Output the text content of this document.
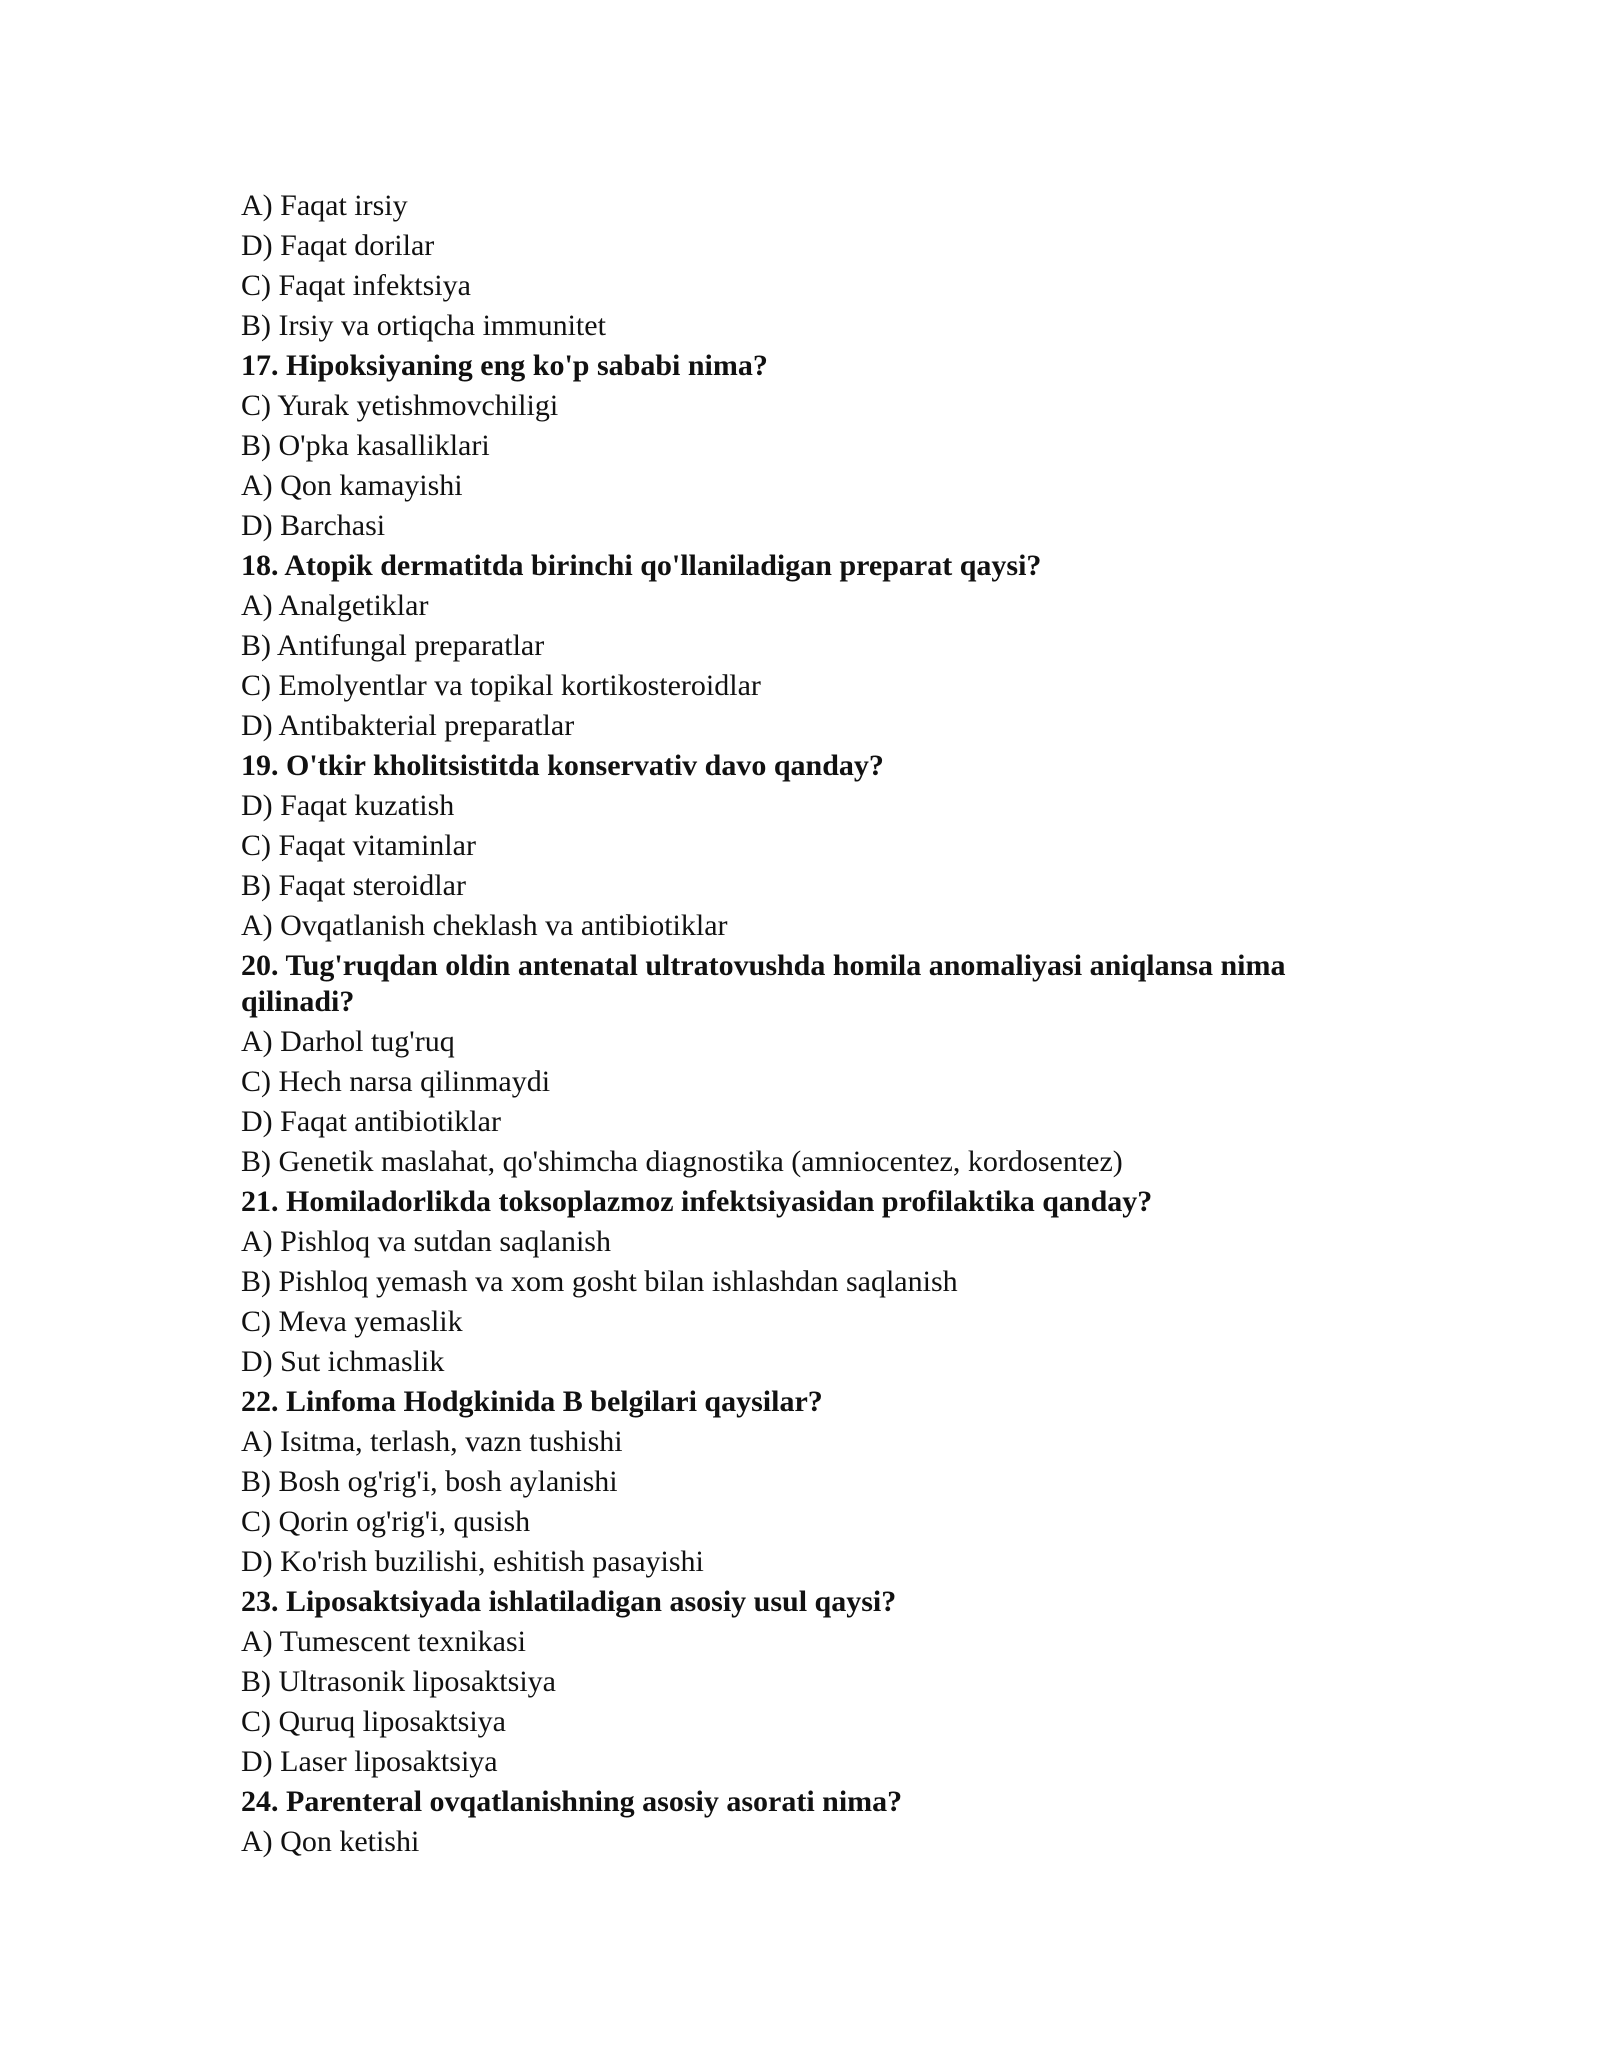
A) Faqat irsiy

D) Faqat dorilar

C) Faqat infektsiya

B) Irsiy va ortiqcha immunitet

17. Hipoksiyaning eng ko'p sababi nima?

C) Yurak yetishmovchiligi

B) O'pka kasalliklari

A) Qon kamayishi

D) Barchasi

18. Atopik dermatitda birinchi qo'llaniladigan preparat qaysi?

A) Analgetiklar

B) Antifungal preparatlar

C) Emolyentlar va topikal kortikosteroidlar

D) Antibakterial preparatlar

19. O'tkir kholitsistitda konservativ davo qanday?

D) Faqat kuzatish

C) Faqat vitaminlar

B) Faqat steroidlar

A) Ovqatlanish cheklash va antibiotiklar

20. Tug'ruqdan oldin antenatal ultratovushda homila anomaliyasi aniqlansa nima qilinadi?

A) Darhol tug'ruq

C) Hech narsa qilinmaydi

D) Faqat antibiotiklar

B) Genetik maslahat, qo'shimcha diagnostika (amniocentez, kordosentez)

21. Homiladorlikda toksoplazmoz infektsiyasidan profilaktika qanday?

A) Pishloq va sutdan saqlanish

B) Pishloq yemash va xom gosht bilan ishlashdan saqlanish

C) Meva yemaslik

D) Sut ichmaslik

22. Linfoma Hodgkinida B belgilari qaysilar?

A) Isitma, terlash, vazn tushishi

B) Bosh og'rig'i, bosh aylanishi

C) Qorin og'rig'i, qusish

D) Ko'rish buzilishi, eshitish pasayishi

23. Liposaktsiyada ishlatiladigan asosiy usul qaysi?

A) Tumescent texnikasi

B) Ultrasonik liposaktsiya

C) Quruq liposaktsiya

D) Laser liposaktsiya

24. Parenteral ovqatlanishning asosiy asorati nima?

A) Qon ketishi
